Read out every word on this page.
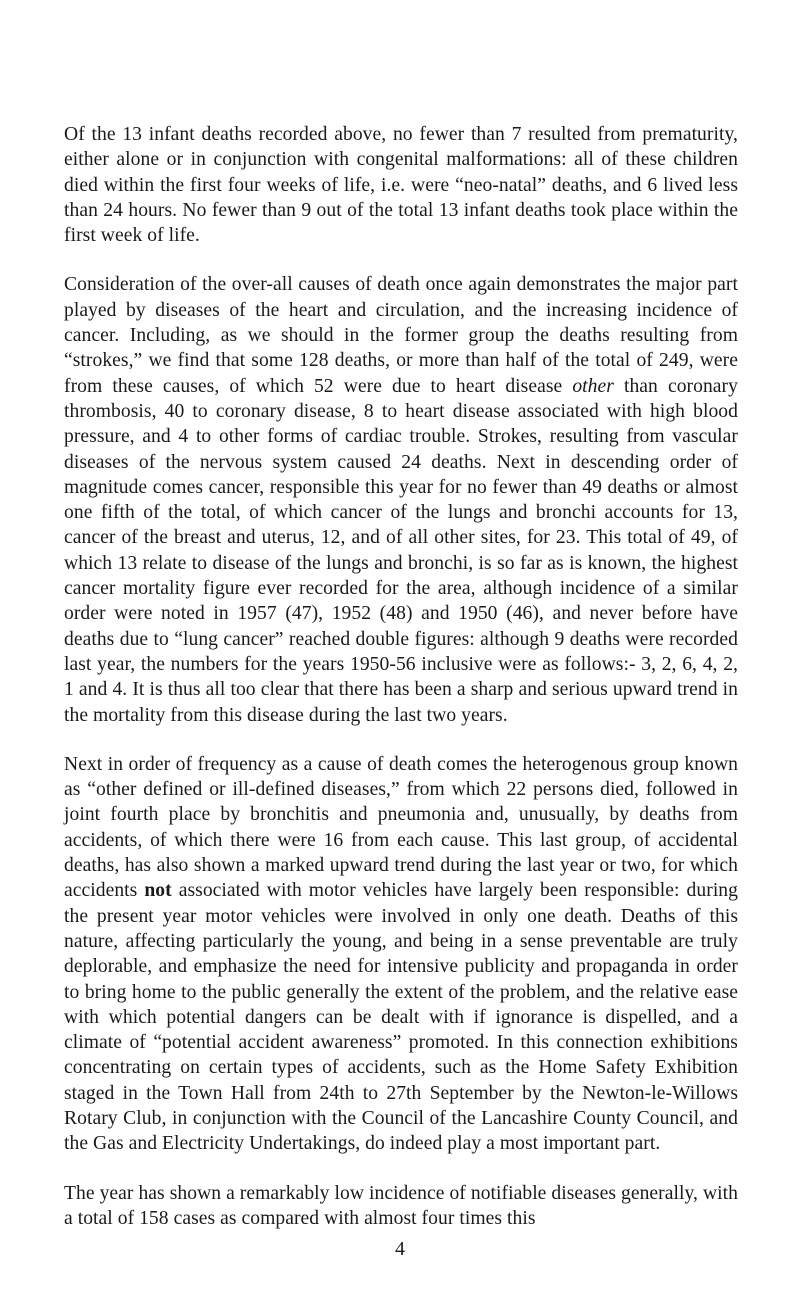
Of the 13 infant deaths recorded above, no fewer than 7 resulted from prematurity, either alone or in conjunction with congenital malformations: all of these children died within the first four weeks of life, i.e. were “neo-natal” deaths, and 6 lived less than 24 hours. No fewer than 9 out of the total 13 infant deaths took place within the first week of life.

Consideration of the over-all causes of death once again demonstrates the major part played by diseases of the heart and circulation, and the increasing incidence of cancer. Including, as we should in the former group the deaths resulting from “strokes,” we find that some 128 deaths, or more than half of the total of 249, were from these causes, of which 52 were due to heart disease other than coronary thrombosis, 40 to coronary disease, 8 to heart disease associated with high blood pressure, and 4 to other forms of cardiac trouble. Strokes, resulting from vascular diseases of the nervous system caused 24 deaths. Next in descending order of magnitude comes cancer, responsible this year for no fewer than 49 deaths or almost one fifth of the total, of which cancer of the lungs and bronchi accounts for 13, cancer of the breast and uterus, 12, and of all other sites, for 23. This total of 49, of which 13 relate to disease of the lungs and bronchi, is so far as is known, the highest cancer mortality figure ever recorded for the area, although incidence of a similar order were noted in 1957 (47), 1952 (48) and 1950 (46), and never before have deaths due to “lung cancer” reached double figures: although 9 deaths were recorded last year, the numbers for the years 1950-56 inclusive were as follows:- 3, 2, 6, 4, 2, 1 and 4. It is thus all too clear that there has been a sharp and serious upward trend in the mortality from this disease during the last two years.

Next in order of frequency as a cause of death comes the heterogenous group known as “other defined or ill-defined diseases,” from which 22 persons died, followed in joint fourth place by bronchitis and pneumonia and, unusually, by deaths from accidents, of which there were 16 from each cause. This last group, of accidental deaths, has also shown a marked upward trend during the last year or two, for which accidents not associated with motor vehicles have largely been responsible: during the present year motor vehicles were involved in only one death. Deaths of this nature, affecting particularly the young, and being in a sense preventable are truly deplorable, and emphasize the need for intensive publicity and propaganda in order to bring home to the public generally the extent of the problem, and the relative ease with which potential dangers can be dealt with if ignorance is dispelled, and a climate of “potential accident awareness” promoted. In this connection exhibitions concentrating on certain types of accidents, such as the Home Safety Exhibition staged in the Town Hall from 24th to 27th September by the Newton-le-Willows Rotary Club, in conjunction with the Council of the Lancashire County Council, and the Gas and Electricity Undertakings, do indeed play a most important part.

The year has shown a remarkably low incidence of notifiable diseases generally, with a total of 158 cases as compared with almost four times this

4
